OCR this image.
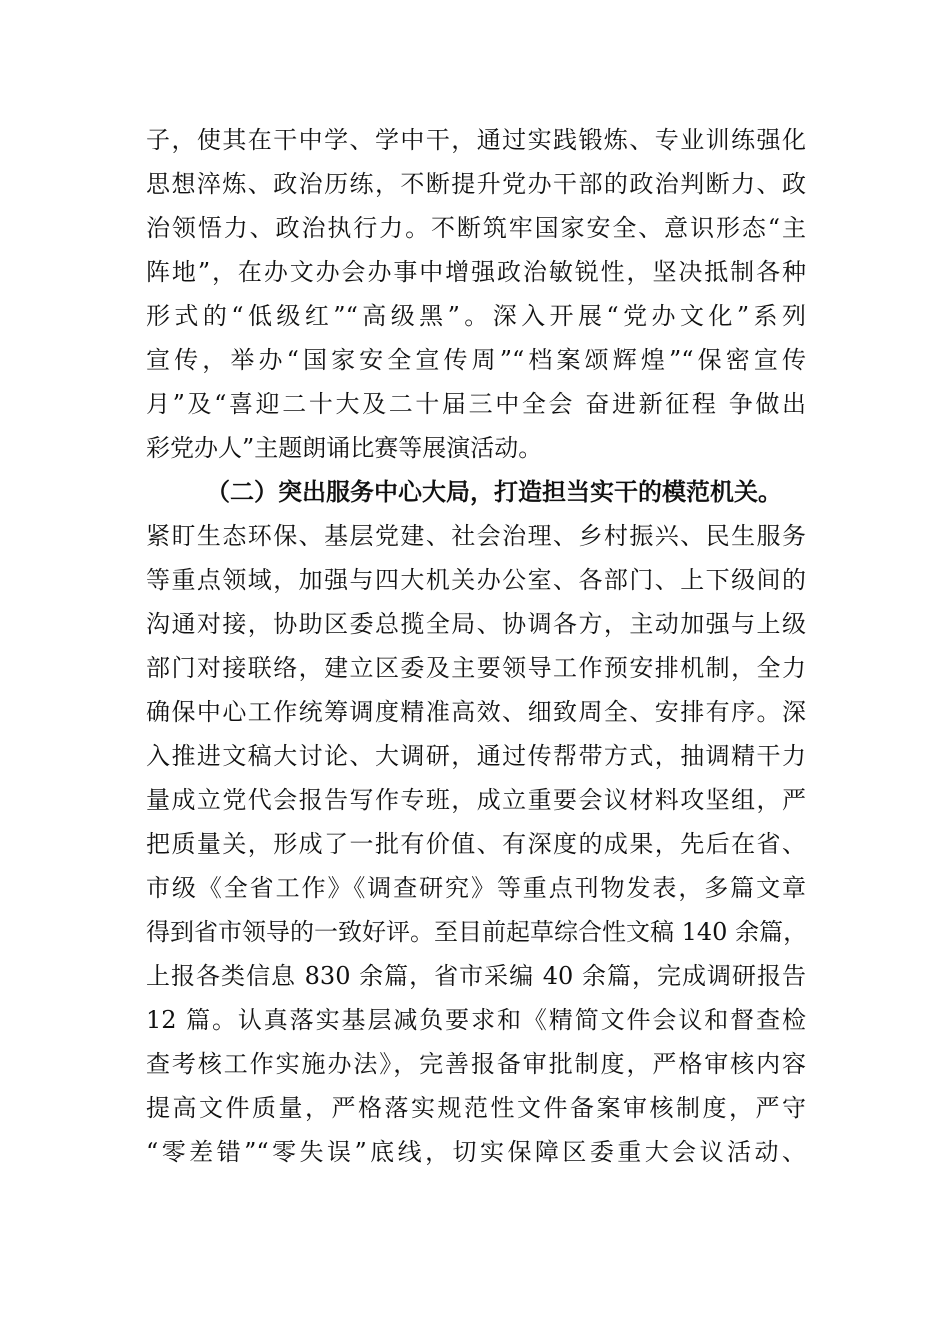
子，使其在干中学、学中干，通过实践锻炼、专业训练强化
思想淬炼、政治历练，不断提升党办干部的政治判断力、政
治领悟力、政治执行力。不断筑牢国家安全、意识形态“主
阵地”，在办文办会办事中增强政治敏锐性，坚决抵制各种
形式的“低级红”“高级黑”。深入开展“党办文化”系列
宣传，举办“国家安全宣传周”“档案颂辉煌”“保密宣传
月”及“喜迎二十大及二十届三中全会 奋进新征程 争做出
彩党办人”主题朗诵比赛等展演活动。
（二）突出服务中心大局，打造担当实干的模范机关。
紧盯生态环保、基层党建、社会治理、乡村振兴、民生服务
等重点领域，加强与四大机关办公室、各部门、上下级间的
沟通对接，协助区委总揽全局、协调各方，主动加强与上级
部门对接联络，建立区委及主要领导工作预安排机制，全力
确保中心工作统筹调度精准高效、细致周全、安排有序。深
入推进文稿大讨论、大调研，通过传帮带方式，抽调精干力
量成立党代会报告写作专班，成立重要会议材料攻坚组，严
把质量关，形成了一批有价值、有深度的成果，先后在省、
市级《全省工作》《调查研究》等重点刊物发表，多篇文章
得到省市领导的一致好评。至目前起草综合性文稿 140 余篇，
上报各类信息 830 余篇，省市采编 40 余篇，完成调研报告
12 篇。认真落实基层减负要求和《精简文件会议和督查检
查考核工作实施办法》，完善报备审批制度，严格审核内容
提高文件质量，严格落实规范性文件备案审核制度，严守
“零差错”“零失误”底线，切实保障区委重大会议活动、
